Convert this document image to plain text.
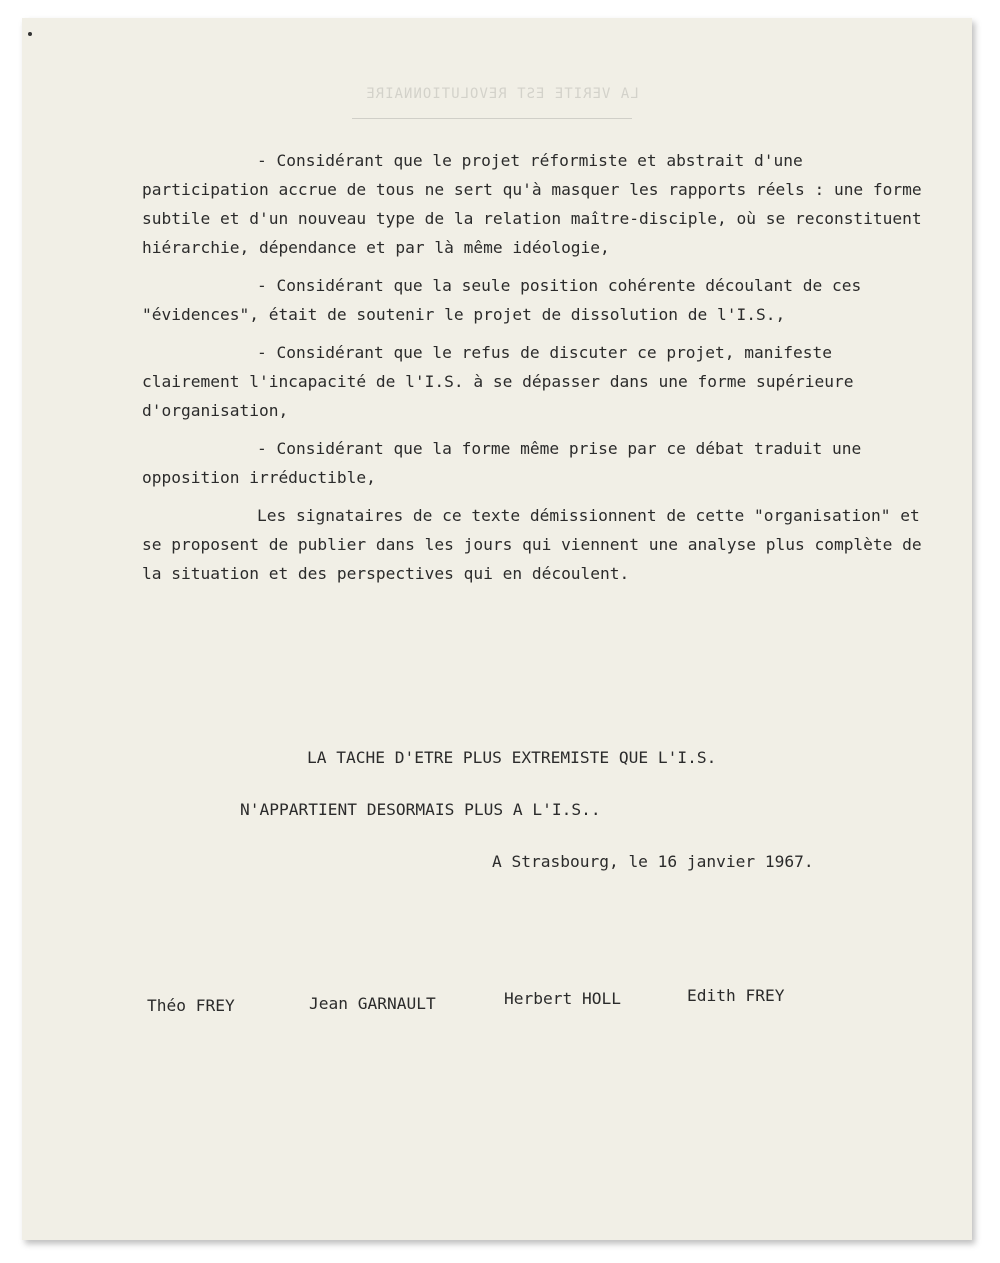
LA VERITE EST REVOLUTIONNAIRE

- Considérant que le projet réformiste et abstrait d'une participation accrue de tous ne sert qu'à masquer les rapports réels : une forme subtile et d'un nouveau type de la relation maître-disciple, où se reconstituent hiérarchie, dépendance et par là même idéologie,

- Considérant que la seule position cohérente découlant de ces "évidences", était de soutenir le projet de dissolution de l'I.S.,

- Considérant que le refus de discuter ce projet, manifeste clairement l'incapacité de l'I.S. à se dépasser dans une forme supérieure d'organisation,

- Considérant que la forme même prise par ce débat traduit une opposition irréductible,

Les signataires de ce texte démissionnent de cette "organisation" et se proposent de publier dans les jours qui viennent une analyse plus complète de la situation et des perspectives qui en découlent.

LA TACHE D'ETRE PLUS EXTREMISTE QUE L'I.S.
N'APPARTIENT DESORMAIS PLUS A L'I.S..
A Strasbourg, le 16 janvier 1967.
Théo FREY	Jean GARNAULT	Herbert HOLL	Edith FREY
